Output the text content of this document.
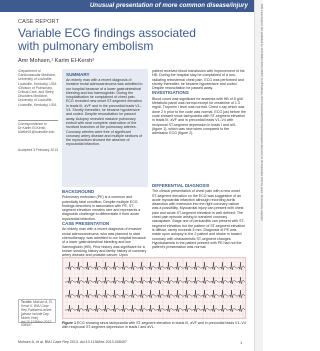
Unusual presentation of more common disease/injury	BMJ Case Reports: first published as 10.1136/bcr-2013-008497 on 28 February 2013. Downloaded from http://casereports.bmj.com/ on 28 September 2021 by guest. Protected by copyright.
CASE REPORT
Variable ECG findings associated with pulmonary embolism
Amr Mohsen,¹ Karim El-Kersh²
¹Department of Cardiovascular Medicine, University of Louisville, Louisville, Kentucky, USA ²Division of Pulmonary, Critical Care, and Sleep Disorders Medicine, University of Louisville, Louisville, Kentucky, USA
Correspondence to
Dr Karim El-Kersh, k0elke01@louisville.edu
Accepted 3 February 2013
SUMMARY
An elderly man with a recent diagnosis of invasive rectal adenocarcinoma was admitted to our hospital because of a lower gastrointestinal bleeding and low haemoglobin. During the hospitalisation he complained of chest pain. ECG revealed new onset ST-segment elevation in leads III, aVF and in the precordial leads V1–V4. Shortly thereafter, he became hypotensive and coded. Despite resuscitation he passed away. Autopsy revealed massive pulmonary emboli with near complete obstruction of the involved branches of the pulmonary arteries. Coronary arteries were free of significant coronary artery disease and multiple sections of the myocardium showed the absence of myocardial infarction.
BACKGROUND

Pulmonary embolism (PE) is a common and potentially fatal condition. Despite multiple ECG findings described in association with PE, ST-segment elevation remains rare and represents a diagnostic challenge to differentiate it from acute myocardial infarction.

CASE PRESENTATION

An elderly man with a recent diagnosis of invasive rectal adenocarcinoma, who was planned to start chemotherapy, was admitted to our hospital because of a lower gastrointestinal bleeding and low haemoglobin (HB). Prior history was significant for a known smoking history and family history of coronary artery disease and prostate cancer. Upon

patient received blood transfusion with improvement of his HB. During the hospital stay he complained of a non-radiating retrosternal chest pain. ECG was performed and shortly thereafter, he became hypotensive and coded. Despite resuscitation he passed away.

INVESTIGATIONS

Blood count was significant for anaemia with HB of 8 g/dl. Metabolic panel was normal except for creatinine of 1.3 mg/dl. Troponin I level was normal. Chest x-ray which was done 2 h prior to the code was normal. ECG just before the code showed sinus tachycardia with ST-segment elevation in leads III, aVF and in precordial leads V1–V4 with reciprocal ST-segment depression in leads I and aVL (figure 1), which was new when compared to the admission ECG (figure 2).

DIFFERENTIAL DIAGNOSIS

The clinical presentation of chest pain with a new onset ST-segment elevation on the ECG was suggestive of an acute myocardial infarction although recording aortic dissection with extension into the right coronary ostium was a possibility. Myocardial injury can present with chest pain and acute ST-segment elevation is well defined. The chest pain episode arising in transient coronary vasospasm. Stage one of pericarditis can present with ST-segment elevation but the pattern of ST-segment elevation is diffuse, rarely exceeds 5 mm. Diagnosis of PE was made upon autopsy in the 2 patient and stroke in toward coronary with characteristic ST-segment changes. Hypokalaemia in the patient present with PE had not the patient's presentation was normal.

Figure 1 ECG showing sinus tachycardia with ST-segment elevation in leads III, aVF and in precordial leads V1–V4 with reciprocal ST-segment depression in leads I and aVL.
To cite: Mohsen A, El-Kersh K. BMJ Case Rep Published online: [please include Day Month Year] doi:10.1136/bcr-2013-008497
Mohsen A, et al. BMJ Case Rep 2013. doi:10.1136/bcr-2013-008497	1
